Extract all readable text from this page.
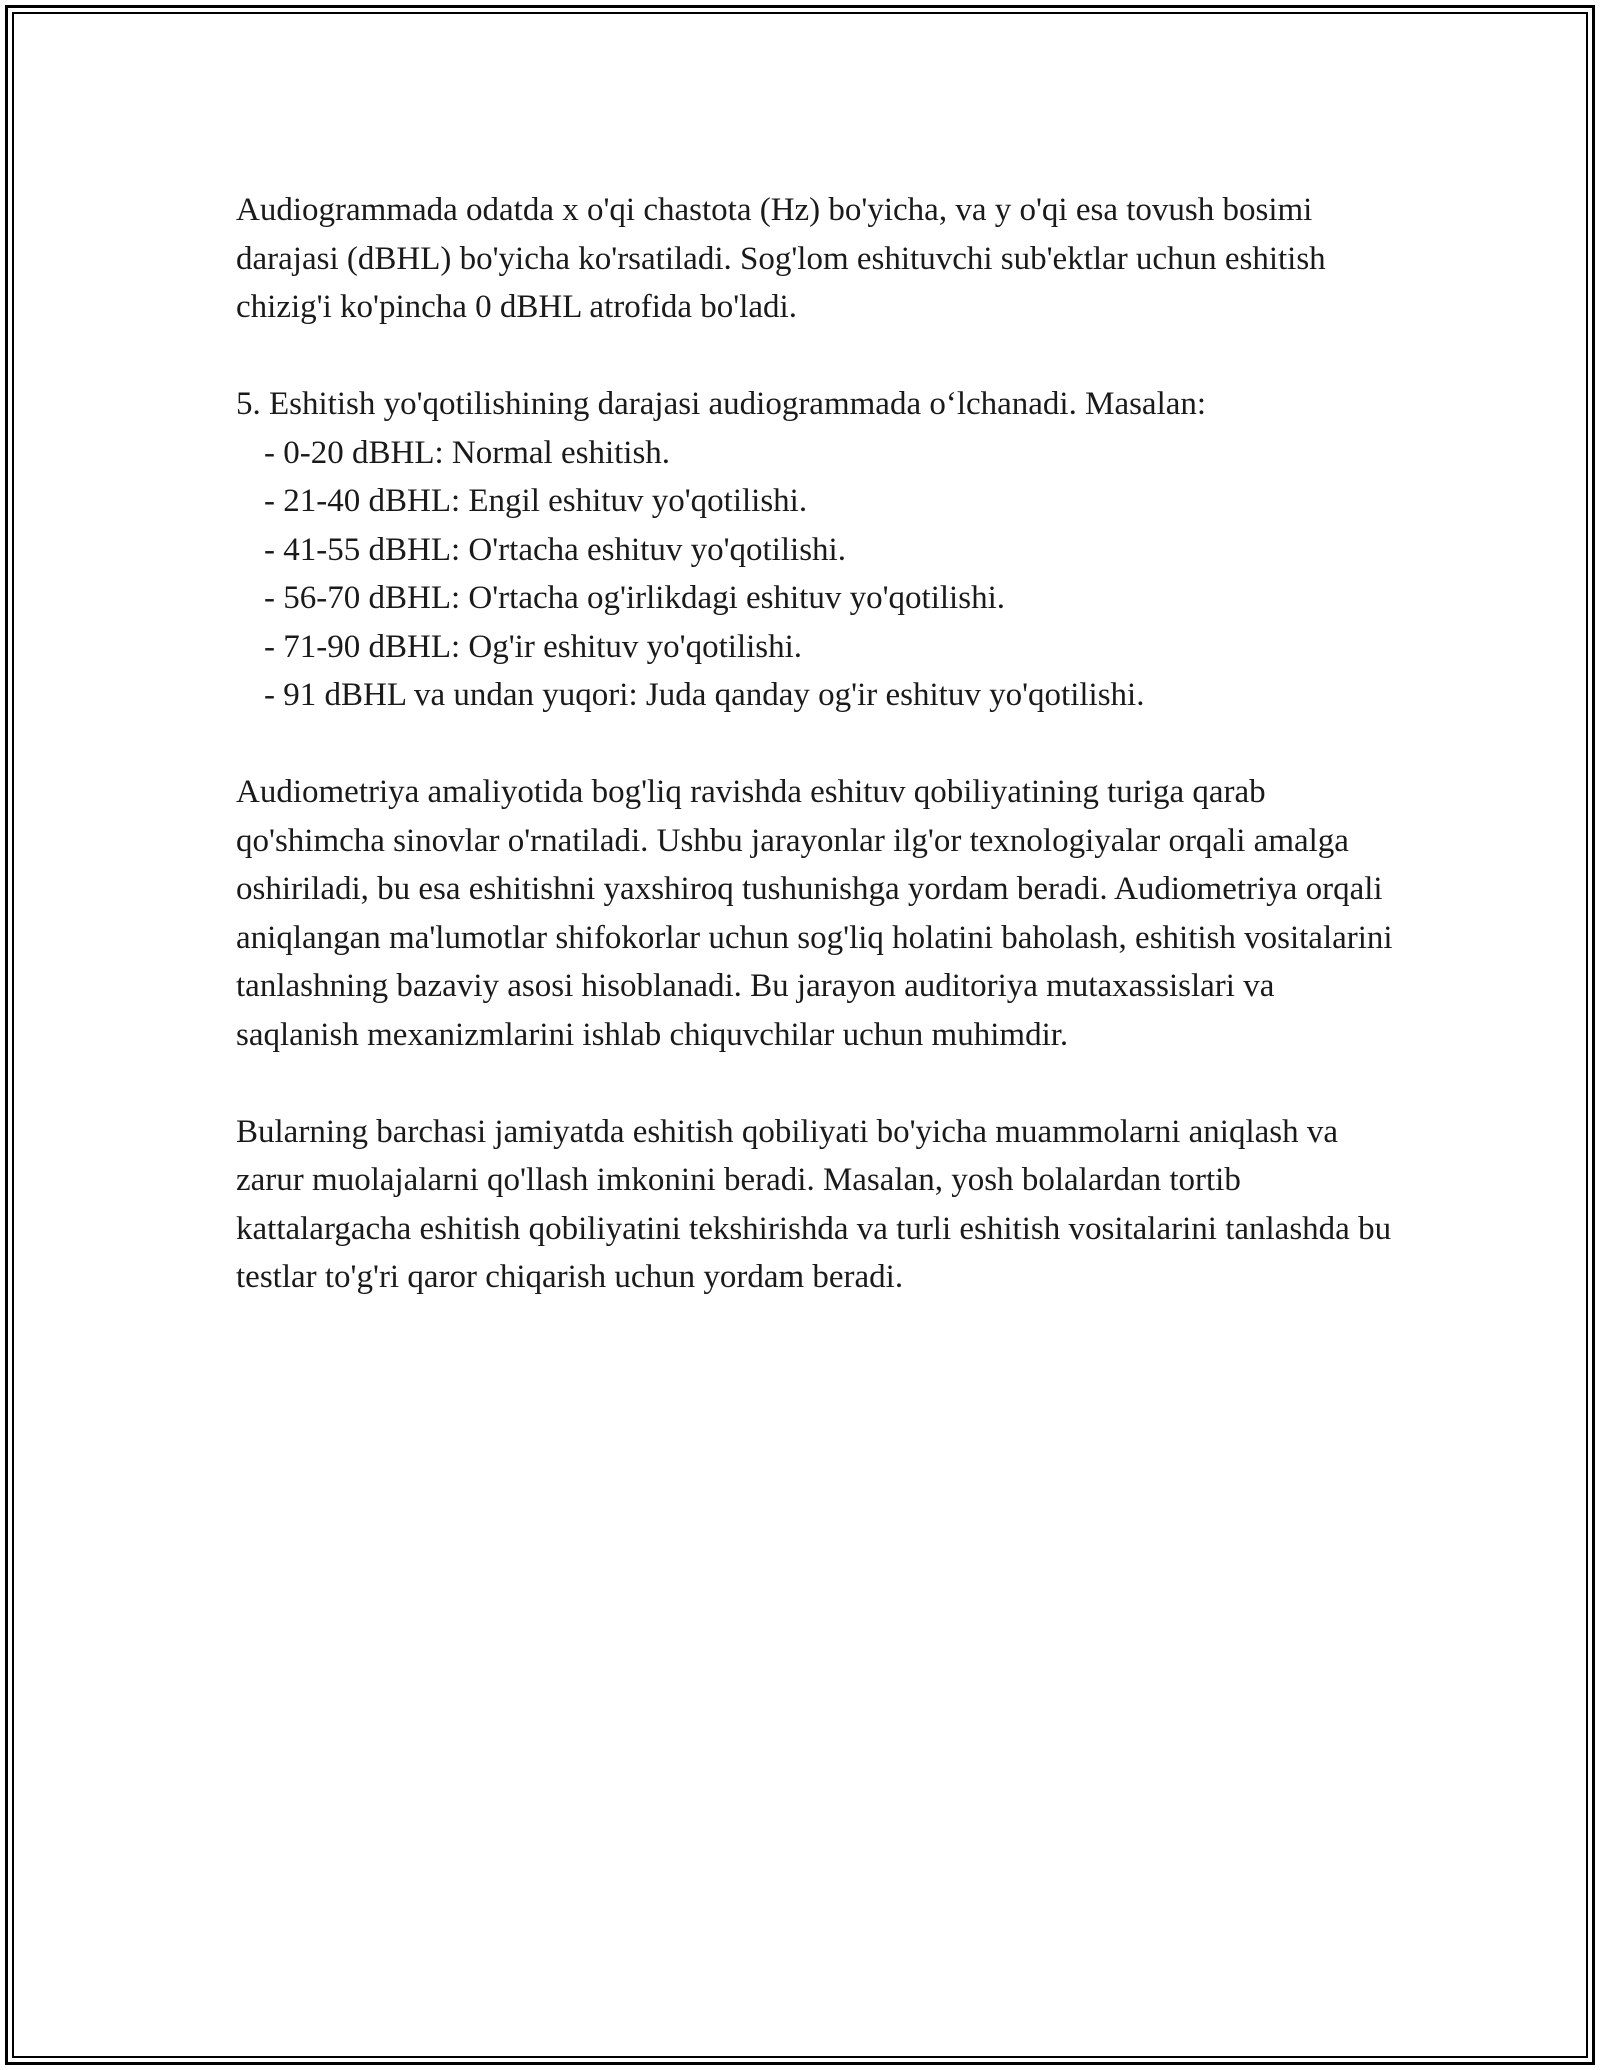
Audiogrammada odatda x o'qi chastota (Hz) bo'yicha, va y o'qi esa tovush bosimi darajasi (dBHL) bo'yicha ko'rsatiladi. Sog'lom eshituvchi sub'ektlar uchun eshitish chizig'i ko'pincha 0 dBHL atrofida bo'ladi.

5. Eshitish yo'qotilishining darajasi audiogrammada o‘lchanadi. Masalan:

- 0-20 dBHL: Normal eshitish.
- 21-40 dBHL: Engil eshituv yo'qotilishi.
- 41-55 dBHL: O'rtacha eshituv yo'qotilishi.
- 56-70 dBHL: O'rtacha og'irlikdagi eshituv yo'qotilishi.
- 71-90 dBHL: Og'ir eshituv yo'qotilishi.
- 91 dBHL va undan yuqori: Juda qanday og'ir eshituv yo'qotilishi.

Audiometriya amaliyotida bog'liq ravishda eshituv qobiliyatining turiga qarab qo'shimcha sinovlar o'rnatiladi. Ushbu jarayonlar ilg'or texnologiyalar orqali amalga oshiriladi, bu esa eshitishni yaxshiroq tushunishga yordam beradi. Audiometriya orqali aniqlangan ma'lumotlar shifokorlar uchun sog'liq holatini baholash, eshitish vositalarini tanlashning bazaviy asosi hisoblanadi. Bu jarayon auditoriya mutaxassislari va saqlanish mexanizmlarini ishlab chiquvchilar uchun muhimdir.

Bularning barchasi jamiyatda eshitish qobiliyati bo'yicha muammolarni aniqlash va zarur muolajalarni qo'llash imkonini beradi. Masalan, yosh bolalardan tortib kattalargacha eshitish qobiliyatini tekshirishda va turli eshitish vositalarini tanlashda bu testlar to'g'ri qaror chiqarish uchun yordam beradi.
